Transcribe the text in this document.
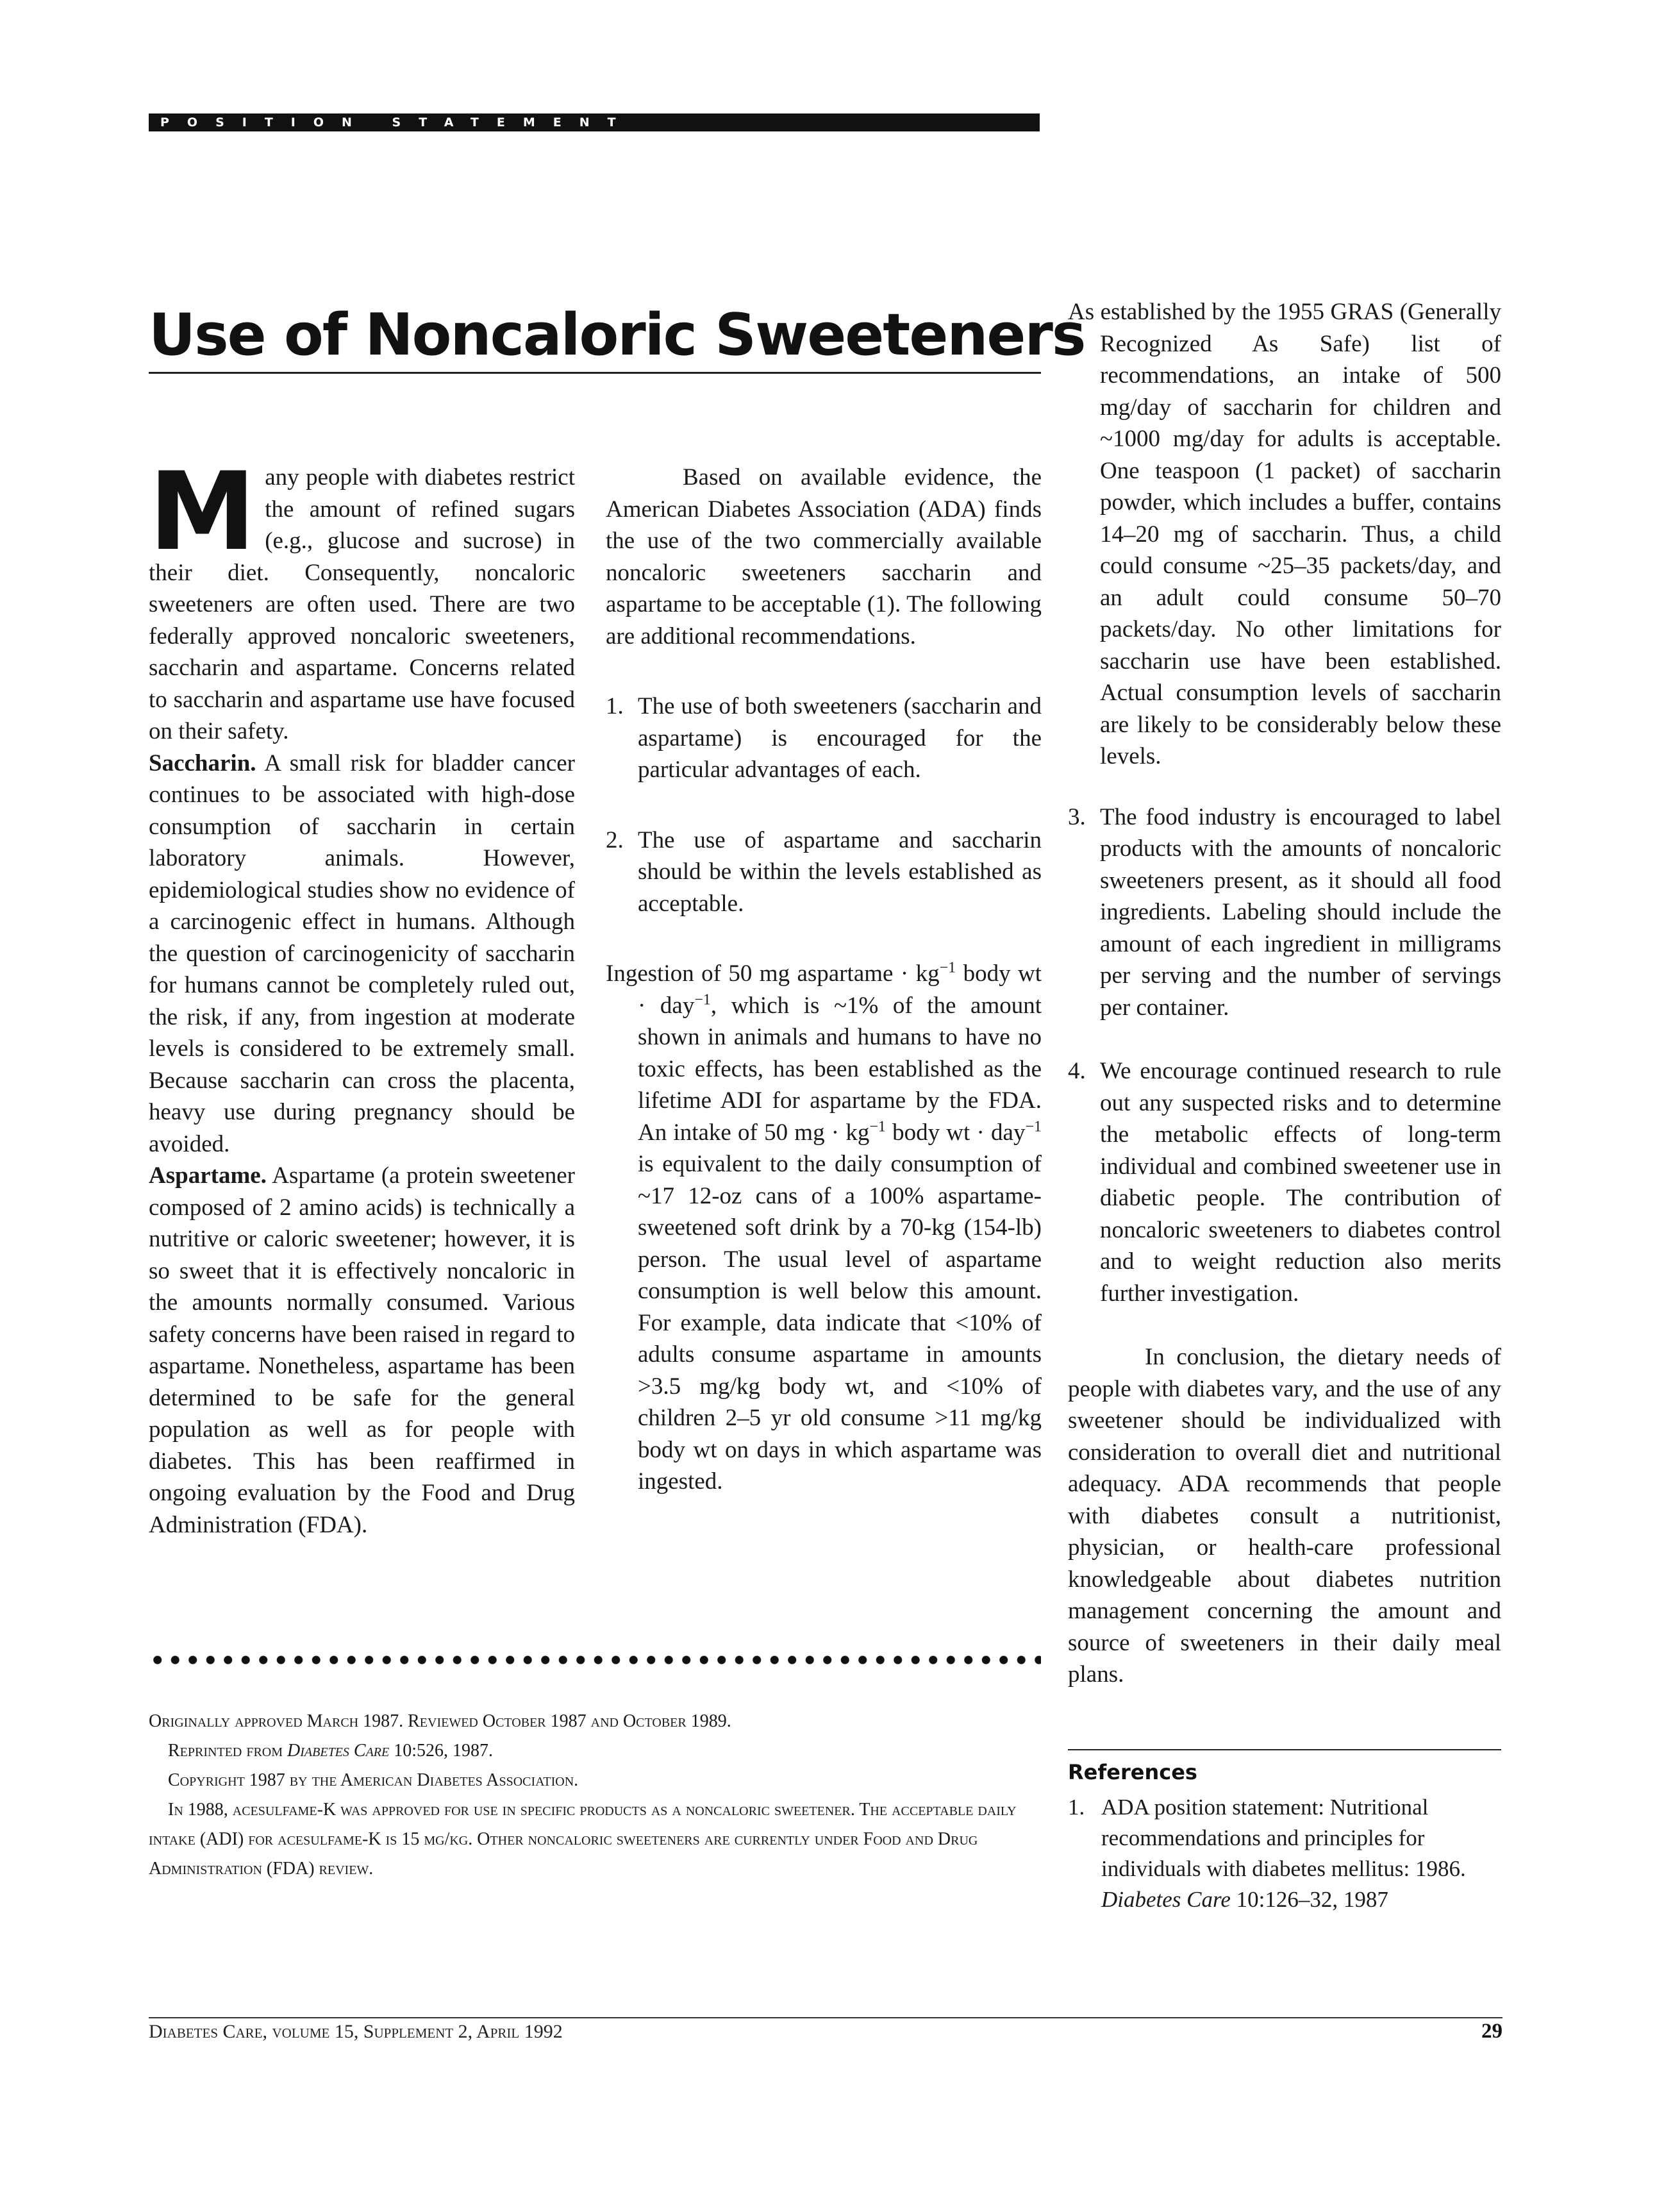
POSITION STATEMENT
Use of Noncaloric Sweeteners

Many people with diabetes restrict the amount of refined sugars (e.g., glucose and sucrose) in their diet. Consequently, noncaloric sweeteners are often used. There are two federally approved noncaloric sweeteners, saccharin and aspartame. Concerns related to saccharin and aspartame use have focused on their safety.

Saccharin. A small risk for bladder cancer continues to be associated with high-dose consumption of saccharin in certain laboratory animals. However, epidemiological studies show no evidence of a carcinogenic effect in humans. Although the question of carcinogenicity of saccharin for humans cannot be completely ruled out, the risk, if any, from ingestion at moderate levels is considered to be extremely small. Because saccharin can cross the placenta, heavy use during pregnancy should be avoided.

Aspartame. Aspartame (a protein sweetener composed of 2 amino acids) is technically a nutritive or caloric sweetener; however, it is so sweet that it is effectively noncaloric in the amounts normally consumed. Various safety concerns have been raised in regard to aspartame. Nonetheless, aspartame has been determined to be safe for the general population as well as for people with diabetes. This has been reaffirmed in ongoing evaluation by the Food and Drug Administration (FDA).

Based on available evidence, the American Diabetes Association (ADA) finds the use of the two commercially available noncaloric sweeteners saccharin and aspartame to be acceptable (1). The following are additional recommendations.

1. The use of both sweeteners (saccharin and aspartame) is encouraged for the particular advantages of each.

2. The use of aspartame and saccharin should be within the levels established as acceptable.

Ingestion of 50 mg aspartame · $kg^{-1}$ body wt · day$^{-1}$, which is ~1% of the amount shown in animals and humans to have no toxic effects, has been established as the lifetime ADI for aspartame by the FDA. An intake of 50 mg · $kg^{-1}$ body wt · day$^{-1}$ is equivalent to the daily consumption of ~17 12-oz cans of a 100% aspartame-sweetened soft drink by a 70-kg (154-lb) person. The usual level of aspartame consumption is well below this amount. For example, data indicate that <10% of adults consume aspartame in amounts >3.5 mg/kg body wt, and <10% of children 2–5 yr old consume >11 mg/kg body wt on days in which aspartame was ingested.

As established by the 1955 GRAS (Generally Recognized As Safe) list of recommendations, an intake of 500 mg/day of saccharin for children and ~1000 mg/day for adults is acceptable. One teaspoon (1 packet) of saccharin powder, which includes a buffer, contains 14–20 mg of saccharin. Thus, a child could consume ~25–35 packets/day, and an adult could consume 50–70 packets/day. No other limitations for saccharin use have been established. Actual consumption levels of saccharin are likely to be considerably below these levels.

3. The food industry is encouraged to label products with the amounts of noncaloric sweeteners present, as it should all food ingredients. Labeling should include the amount of each ingredient in milligrams per serving and the number of servings per container.

4. We encourage continued research to rule out any suspected risks and to determine the metabolic effects of long-term individual and combined sweetener use in diabetic people. The contribution of noncaloric sweeteners to diabetes control and to weight reduction also merits further investigation.

In conclusion, the dietary needs of people with diabetes vary, and the use of any sweetener should be individualized with consideration to overall diet and nutritional adequacy. ADA recommends that people with diabetes consult a nutritionist, physician, or health-care professional knowledgeable about diabetes nutrition management concerning the amount and source of sweeteners in their daily meal plans.

Originally approved March 1987. Reviewed October 1987 and October 1989.

Reprinted from Diabetes Care 10:526, 1987.

Copyright 1987 by the American Diabetes Association.

In 1988, acesulfame-K was approved for use in specific products as a noncaloric sweetener. The acceptable daily intake (ADI) for acesulfame-K is 15 mg/kg. Other noncaloric sweeteners are currently under Food and Drug Administration (FDA) review.

References

1. ADA position statement: Nutritional recommendations and principles for individuals with diabetes mellitus: 1986. Diabetes Care 10:126–32, 1987

Diabetes Care, volume 15, Supplement 2, April 1992	29
